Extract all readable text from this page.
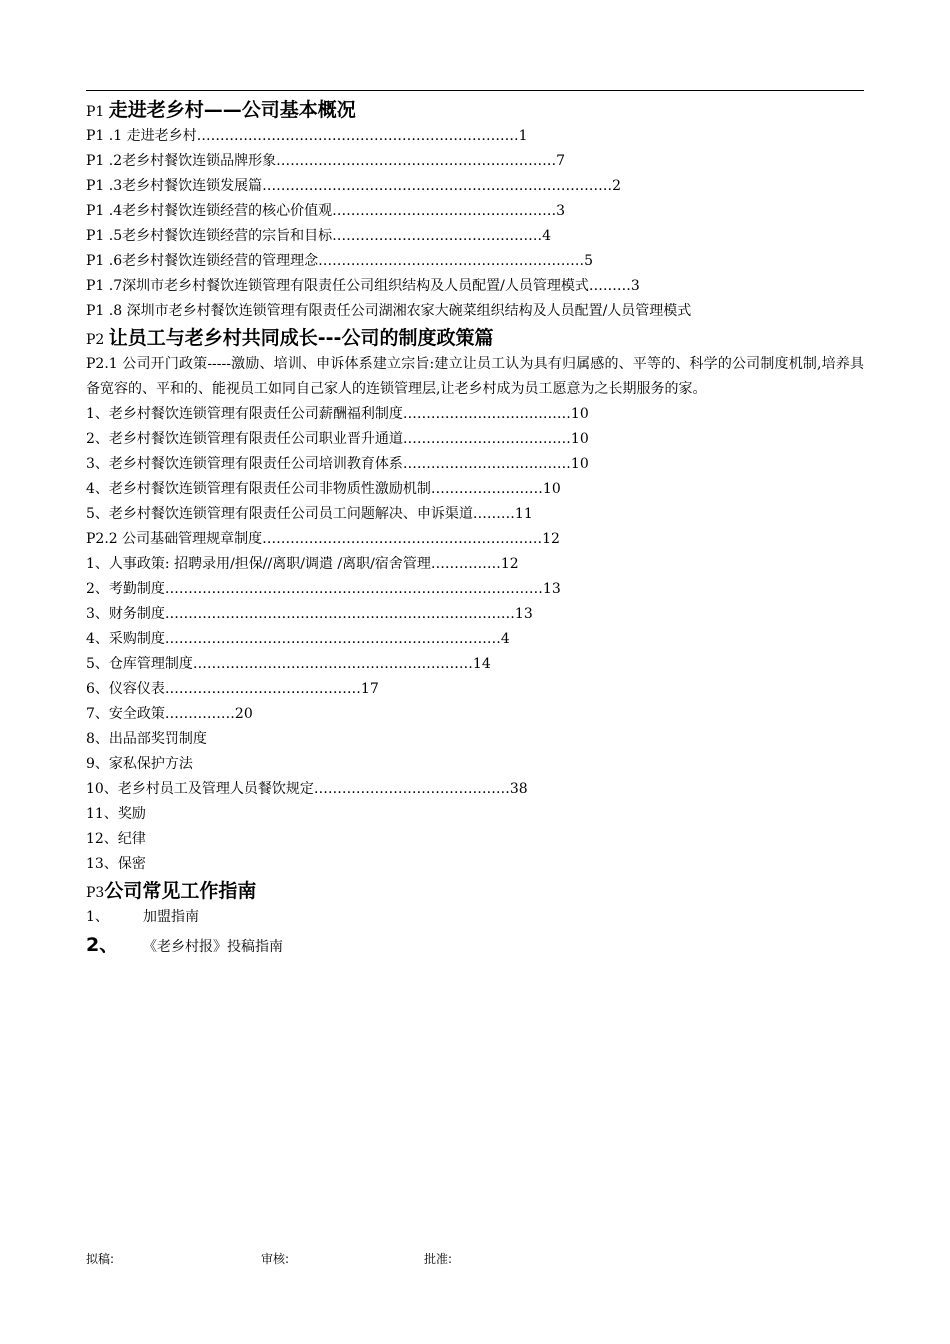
P1 走进老乡村——公司基本概况
P1 .1 走进老乡村……………………………………………………………1
P1 .2老乡村餐饮连锁品牌形象……………………………………………………7
P1 .3老乡村餐饮连锁发展篇…………………………………………………………………2
P1 .4老乡村餐饮连锁经营的核心价值观…………………………………………3
P1 .5老乡村餐饮连锁经营的宗旨和目标………………………………………4
P1 .6老乡村餐饮连锁经营的管理理念…………………………………………………5
P1 .7深圳市老乡村餐饮连锁管理有限责任公司组织结构及人员配置/人员管理模式………3
P1 .8 深圳市老乡村餐饮连锁管理有限责任公司湖湘农家大碗菜组织结构及人员配置/人员管理模式
P2 让员工与老乡村共同成长---公司的制度政策篇
P2.1 公司开门政策-----激励、培训、申诉体系建立宗旨:建立让员工认为具有归属感的、平等的、科学的公司制度机制,培养具备宽容的、平和的、能视员工如同自己家人的连锁管理层,让老乡村成为员工愿意为之长期服务的家。
1、老乡村餐饮连锁管理有限责任公司薪酬福利制度………………………………10
2、老乡村餐饮连锁管理有限责任公司职业晋升通道………………………………10
3、老乡村餐饮连锁管理有限责任公司培训教育体系………………………………10
4、老乡村餐饮连锁管理有限责任公司非物质性激励机制……………………10
5、老乡村餐饮连锁管理有限责任公司员工问题解决、申诉渠道………11
P2.2 公司基础管理规章制度……………………………………………………12
1、人事政策: 招聘录用/担保//离职/调遣 /离职/宿舍管理……………12
2、考勤制度………………………………………………………………………13
3、财务制度…………………………………………………………………13
4、采购制度………………………………………………………………4
5、仓库管理制度……………………………………………………14
6、仪容仪表……………………………………17
7、安全政策……………20
8、出品部奖罚制度
9、家私保护方法
10、老乡村员工及管理人员餐饮规定……………………………………38
11、奖励
12、纪律
13、保密
P3公司常见工作指南
1、 加盟指南
2、 《老乡村报》投稿指南
拟稿:	审核:	批准:
